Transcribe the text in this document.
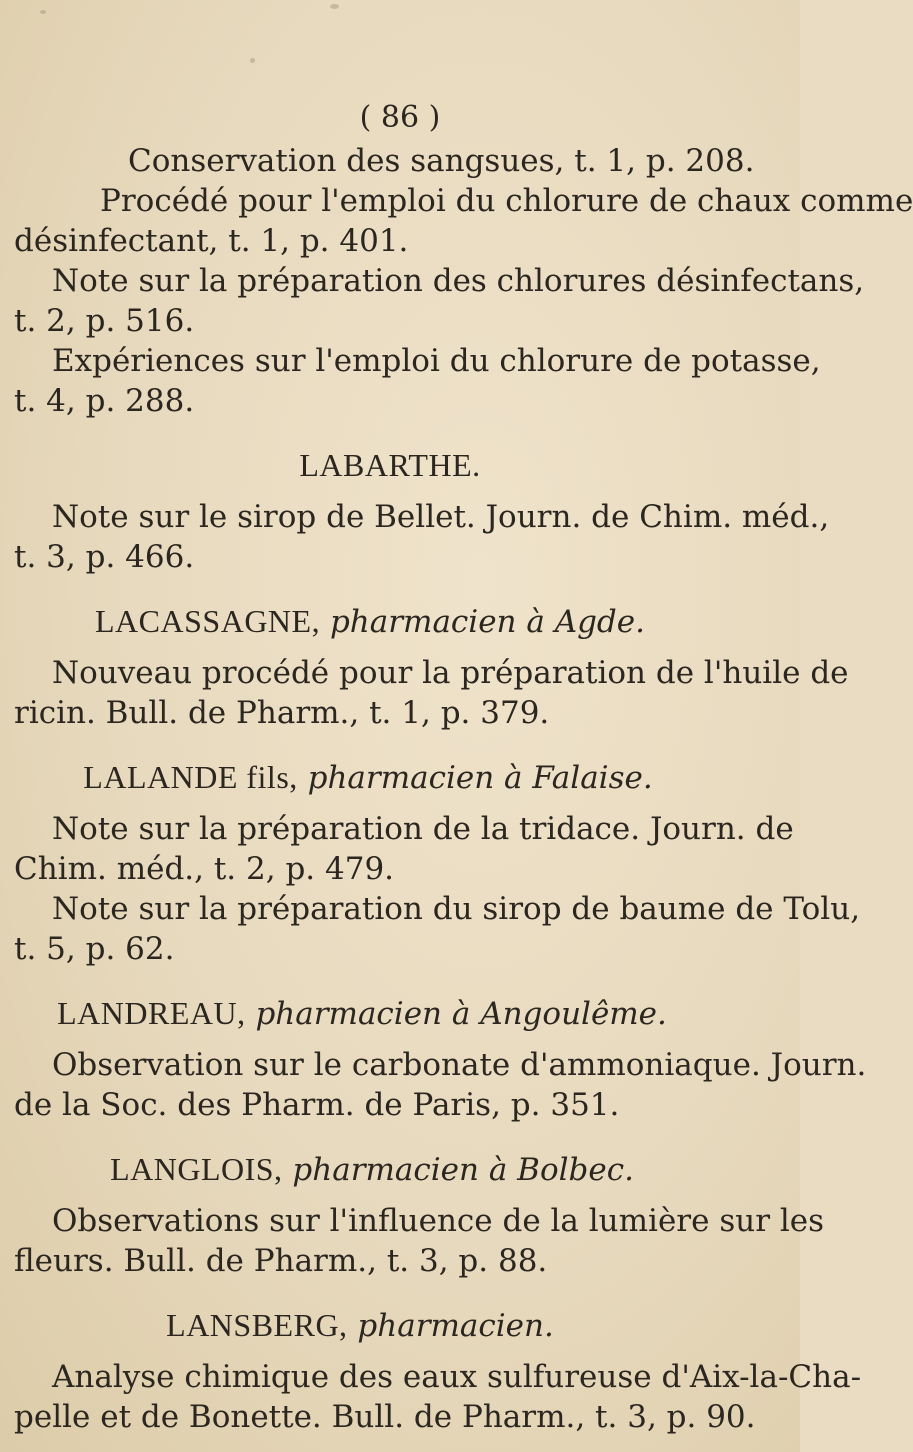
( 86 )
Conservation des sangsues, t. 1, p. 208.
Procédé pour l'emploi du chlorure de chaux comme
désinfectant, t. 1, p. 401.
Note sur la préparation des chlorures désinfectans,
t. 2, p. 516.
Expériences sur l'emploi du chlorure de potasse,
t. 4, p. 288.
LABARTHE.
Note sur le sirop de Bellet. Journ. de Chim. méd.,
t. 3, p. 466.
LACASSAGNE, pharmacien à Agde.
Nouveau procédé pour la préparation de l'huile de
ricin. Bull. de Pharm., t. 1, p. 379.
LALANDE fils, pharmacien à Falaise.
Note sur la préparation de la tridace. Journ. de
Chim. méd., t. 2, p. 479.
Note sur la préparation du sirop de baume de Tolu,
t. 5, p. 62.
LANDREAU, pharmacien à Angoulême.
Observation sur le carbonate d'ammoniaque. Journ.
de la Soc. des Pharm. de Paris, p. 351.
LANGLOIS, pharmacien à Bolbec.
Observations sur l'influence de la lumière sur les
fleurs. Bull. de Pharm., t. 3, p. 88.
LANSBERG, pharmacien.
Analyse chimique des eaux sulfureuse d'Aix-la-Cha-
pelle et de Bonette. Bull. de Pharm., t. 3, p. 90.
